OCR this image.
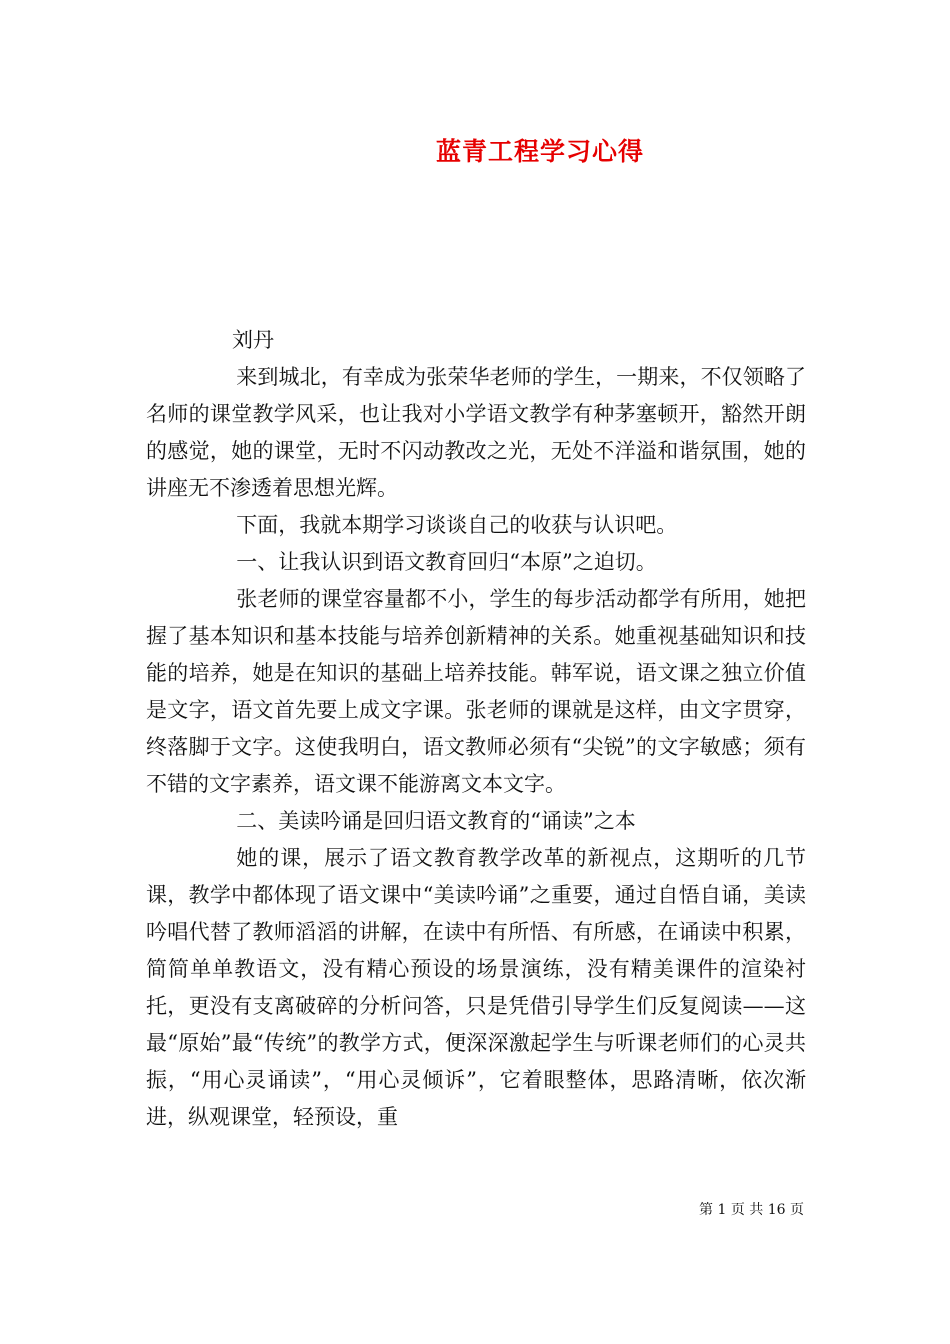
蓝青工程学习心得

刘丹

来到城北，有幸成为张荣华老师的学生，一期来，不仅领略了名师的课堂教学风采，也让我对小学语文教学有种茅塞顿开，豁然开朗的感觉，她的课堂，无时不闪动教改之光，无处不洋溢和谐氛围，她的讲座无不渗透着思想光辉。

下面，我就本期学习谈谈自己的收获与认识吧。

一、让我认识到语文教育回归“本原”之迫切。

张老师的课堂容量都不小，学生的每步活动都学有所用，她把握了基本知识和基本技能与培养创新精神的关系。她重视基础知识和技能的培养，她是在知识的基础上培养技能。韩军说，语文课之独立价值是文字，语文首先要上成文字课。张老师的课就是这样，由文字贯穿，终落脚于文字。这使我明白，语文教师必须有“尖锐”的文字敏感；须有不错的文字素养，语文课不能游离文本文字。

二、美读吟诵是回归语文教育的“诵读”之本

她的课，展示了语文教育教学改革的新视点，这期听的几节课，教学中都体现了语文课中“美读吟诵”之重要，通过自悟自诵，美读吟唱代替了教师滔滔的讲解，在读中有所悟、有所感，在诵读中积累，简简单单教语文，没有精心预设的场景演练，没有精美课件的渲染衬托，更没有支离破碎的分析问答，只是凭借引导学生们反复阅读——这最“原始”最“传统”的教学方式，便深深激起学生与听课老师们的心灵共振，“用心灵诵读”，“用心灵倾诉”，它着眼整体，思路清晰，依次渐进，纵观课堂，轻预设，重

第 1 页 共 16 页
